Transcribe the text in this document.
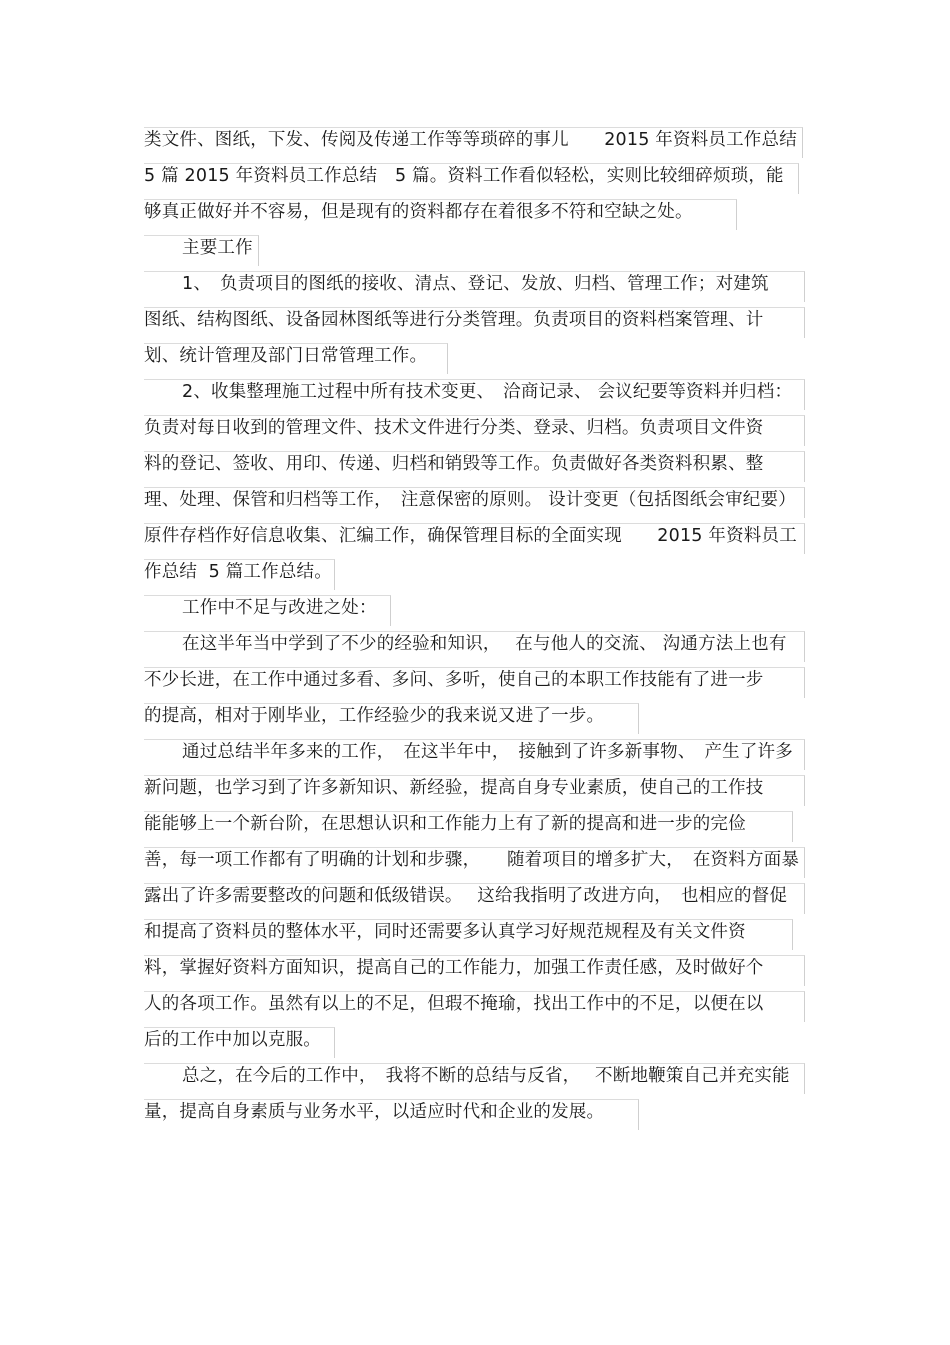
类文件、图纸，下发、传阅及传递工作等等琐碎的事儿　　2015 年资料员工作总结
5 篇 2015 年资料员工作总结　5 篇。资料工作看似轻松，实则比较细碎烦琐，能
够真正做好并不容易，但是现有的资料都存在着很多不符和空缺之处。
主要工作
1、　负责项目的图纸的接收、清点、登记、发放、归档、管理工作；对建筑
图纸、结构图纸、设备园林图纸等进行分类管理。负责项目的资料档案管理、计
划、统计管理及部门日常管理工作。
2、收集整理施工过程中所有技术变更、　洽商记录、 会议纪要等资料并归档：
负责对每日收到的管理文件、技术文件进行分类、登录、归档。负责项目文件资
料的登记、签收、用印、传递、归档和销毁等工作。负责做好各类资料积累、整
理、处理、保管和归档等工作，　注意保密的原则。 设计变更（包括图纸会审纪要）
原件存档作好信息收集、汇编工作，确保管理目标的全面实现　　2015 年资料员工
作总结  5 篇工作总结。
工作中不足与改进之处：
在这半年当中学到了不少的经验和知识，　 在与他人的交流、 沟通方法上也有
不少长进，在工作中通过多看、多问、多听，使自己的本职工作技能有了进一步
的提高，相对于刚毕业，工作经验少的我来说又进了一步。
通过总结半年多来的工作，　在这半年中，　接触到了许多新事物、　产生了许多
新问题，也学习到了许多新知识、新经验，提高自身专业素质，使自己的工作技
能能够上一个新台阶，在思想认识和工作能力上有了新的提高和进一步的完俭
善，每一项工作都有了明确的计划和步骤，　　随着项目的增多扩大，　在资料方面暴
露出了许多需要整改的问题和低级错误。　 这给我指明了改进方向，　也相应的督促
和提高了资料员的整体水平，同时还需要多认真学习好规范规程及有关文件资
料，掌握好资料方面知识，提高自己的工作能力，加强工作责任感，及时做好个
人的各项工作。虽然有以上的不足，但瑕不掩瑜，找出工作中的不足，以便在以
后的工作中加以克服。
总之，在今后的工作中，　我将不断的总结与反省，　 不断地鞭策自己并充实能
量，提高自身素质与业务水平，以适应时代和企业的发展。
